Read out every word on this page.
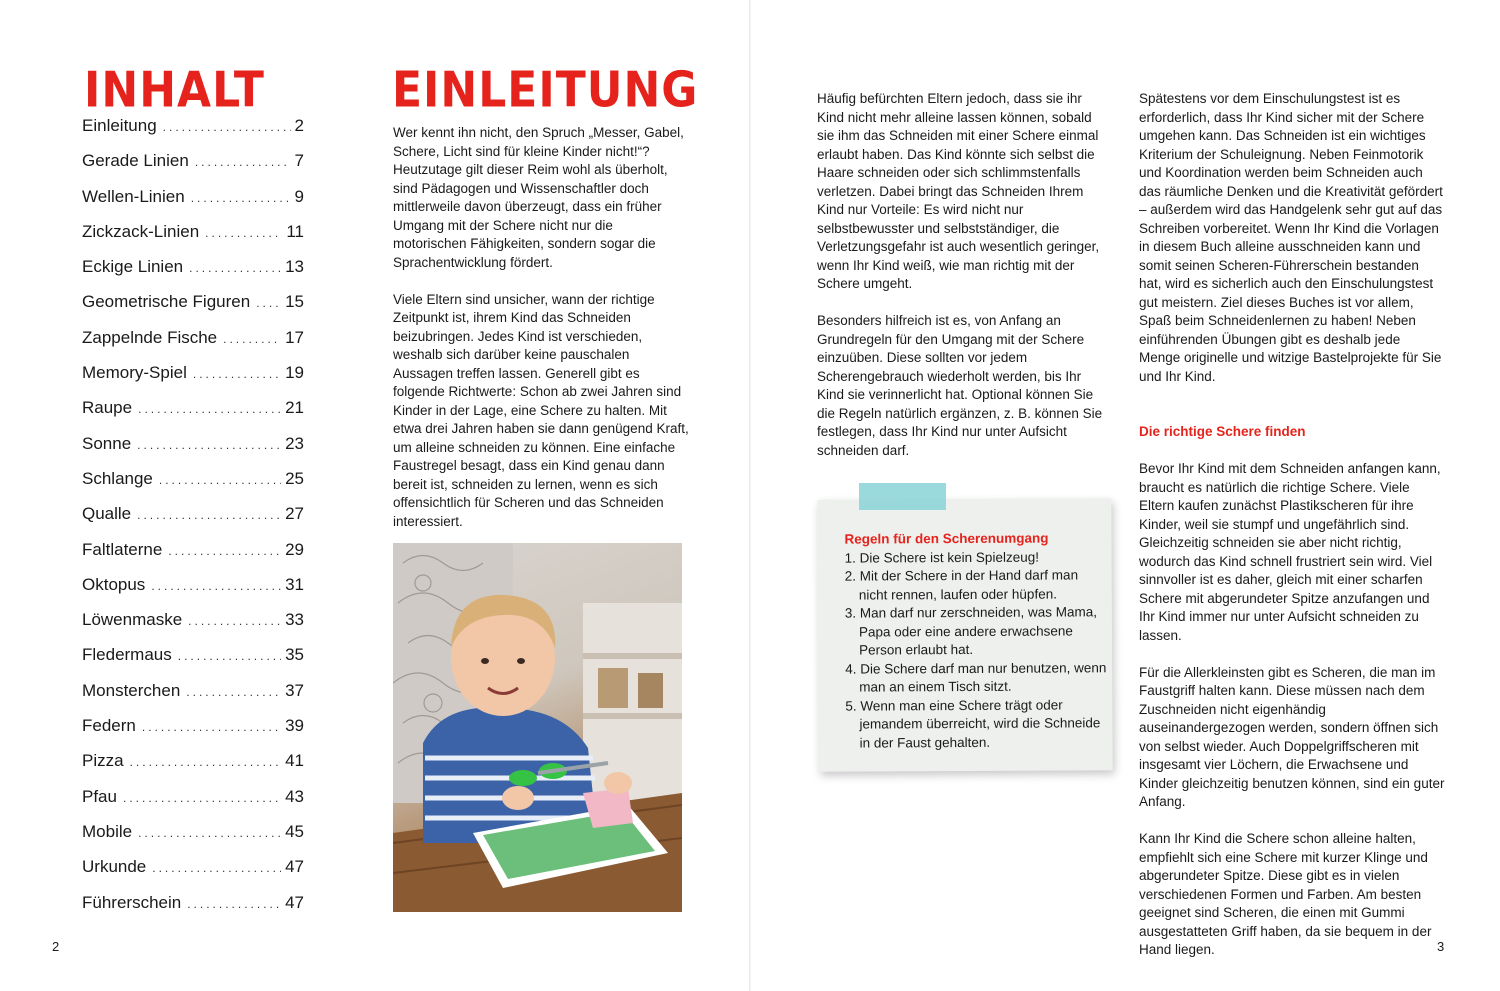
INHALT
Einleitung .....	2
Gerade Linien .....	7
Wellen-Linien .....	9
Zickzack-Linien .....	11
Eckige Linien .....	13
Geometrische Figuren ..... 15
Zappelnde Fische .....	17
Memory-Spiel .....	19
Raupe .....	21
Sonne .....	23
Schlange .....	25
Qualle .....	27
Faltlaterne .....	29
Oktopus .....	31
Löwenmaske .....	33
Fledermaus .....	35
Monsterchen .....	37
Federn .....	39
Pizza .....	41
Pfau .....	43
Mobile .....	45
Urkunde .....	47
Führerschein .....	47
EINLEITUNG

Wer kennt ihn nicht, den Spruch „Messer, Gabel, Schere, Licht sind für kleine Kinder nicht!“? Heutzutage gilt dieser Reim wohl als überholt, sind Pädagogen und Wissenschaftler doch mittlerweile davon überzeugt, dass ein früher Umgang mit der Schere nicht nur die motorischen Fähigkeiten, sondern sogar die Sprachentwicklung fördert.

Viele Eltern sind unsicher, wann der richtige Zeitpunkt ist, ihrem Kind das Schneiden beizubringen. Jedes Kind ist verschieden, weshalb sich darüber keine pauschalen Aussagen treffen lassen. Generell gibt es folgende Richtwerte: Schon ab zwei Jahren sind Kinder in der Lage, eine Schere zu halten. Mit etwa drei Jahren haben sie dann genügend Kraft, um alleine schneiden zu können. Eine einfache Faustregel besagt, dass ein Kind genau dann bereit ist, schneiden zu lernen, wenn es sich offensichtlich für Scheren und das Schneiden interessiert.

Häufig befürchten Eltern jedoch, dass sie ihr Kind nicht mehr alleine lassen können, sobald sie ihm das Schneiden mit einer Schere einmal erlaubt haben. Das Kind könnte sich selbst die Haare schneiden oder sich schlimmstenfalls verletzen. Dabei bringt das Schneiden Ihrem Kind nur Vorteile: Es wird nicht nur selbstbewusster und selbstständiger, die Verletzungsgefahr ist auch wesentlich geringer, wenn Ihr Kind weiß, wie man richtig mit der Schere umgeht.

Besonders hilfreich ist es, von Anfang an Grundregeln für den Umgang mit der Schere einzuüben. Diese sollten vor jedem Scherengebrauch wiederholt werden, bis Ihr Kind sie verinnerlicht hat. Optional können Sie die Regeln natürlich ergänzen, z. B. können Sie festlegen, dass Ihr Kind nur unter Aufsicht schneiden darf.

Regeln für den Scherenumgang

1. Die Schere ist kein Spielzeug!
2. Mit der Schere in der Hand darf man nicht rennen, laufen oder hüpfen.
3. Man darf nur zerschneiden, was Mama, Papa oder eine andere erwachsene Person erlaubt hat.
4. Die Schere darf man nur benutzen, wenn man an einem Tisch sitzt.
5. Wenn man eine Schere trägt oder jemandem überreicht, wird die Schneide in der Faust gehalten.

Spätestens vor dem Einschulungstest ist es erforderlich, dass Ihr Kind sicher mit der Schere umgehen kann. Das Schneiden ist ein wichtiges Kriterium der Schuleignung. Neben Feinmotorik und Koordination werden beim Schneiden auch das räumliche Denken und die Kreativität gefördert – außerdem wird das Handgelenk sehr gut auf das Schreiben vorbereitet. Wenn Ihr Kind die Vorlagen in diesem Buch alleine ausschneiden kann und somit seinen Scheren-Führerschein bestanden hat, wird es sicherlich auch den Einschulungstest gut meistern. Ziel dieses Buches ist vor allem, Spaß beim Schneidenlernen zu haben! Neben einführenden Übungen gibt es deshalb jede Menge originelle und witzige Bastelprojekte für Sie und Ihr Kind.

Die richtige Schere finden

Bevor Ihr Kind mit dem Schneiden anfangen kann, braucht es natürlich die richtige Schere. Viele Eltern kaufen zunächst Plastikscheren für ihre Kinder, weil sie stumpf und ungefährlich sind. Gleichzeitig schneiden sie aber nicht richtig, wodurch das Kind schnell frustriert sein wird. Viel sinnvoller ist es daher, gleich mit einer scharfen Schere mit abgerundeter Spitze anzufangen und Ihr Kind immer nur unter Aufsicht schneiden zu lassen.

Für die Allerkleinsten gibt es Scheren, die man im Faustgriff halten kann. Diese müssen nach dem Zuschneiden nicht eigenhändig auseinandergezogen werden, sondern öffnen sich von selbst wieder. Auch Doppelgriffscheren mit insgesamt vier Löchern, die Erwachsene und Kinder gleichzeitig benutzen können, sind ein guter Anfang.

Kann Ihr Kind die Schere schon alleine halten, empfiehlt sich eine Schere mit kurzer Klinge und abgerundeter Spitze. Diese gibt es in vielen verschiedenen Formen und Farben. Am besten geeignet sind Scheren, die einen mit Gummi ausgestatteten Griff haben, da sie bequem in der Hand liegen.

2	3
